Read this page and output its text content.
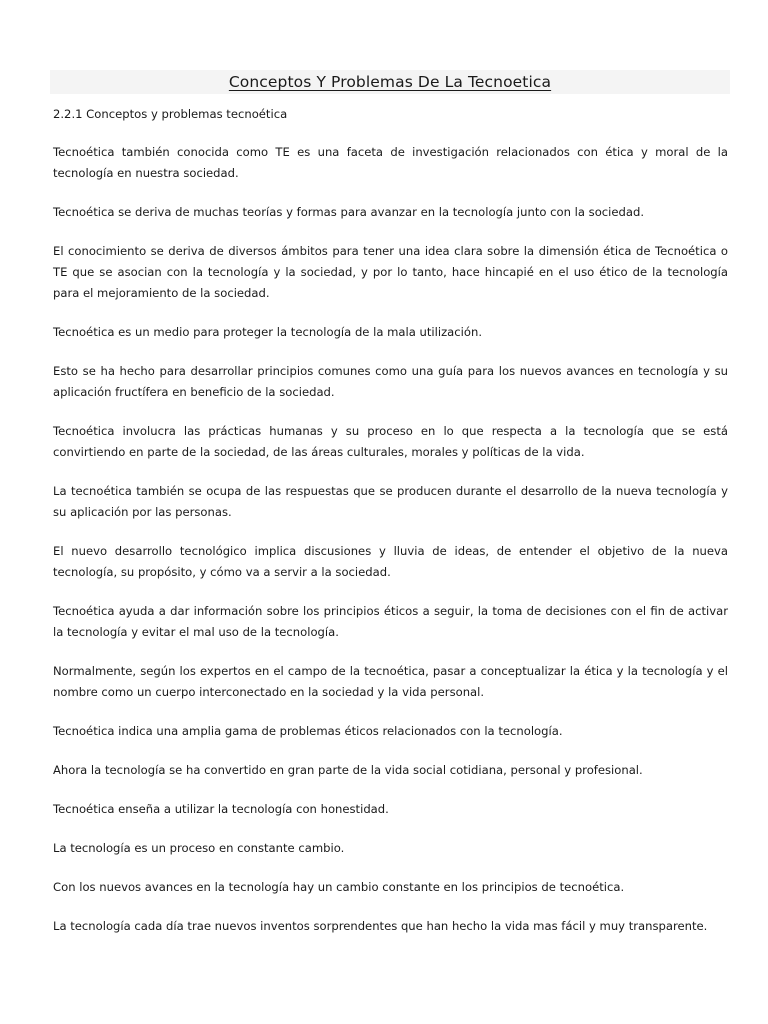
Conceptos Y Problemas De La Tecnoetica

2.2.1 Conceptos y problemas tecnoética

Tecnoética también conocida como TE es una faceta de investigación relacionados con ética y moral de la tecnología en nuestra sociedad.

Tecnoética se deriva de muchas teorías y formas para avanzar en la tecnología junto con la sociedad.

El conocimiento se deriva de diversos ámbitos para tener una idea clara sobre la dimensión ética de Tecnoética o TE que se asocian con la tecnología y la sociedad, y por lo tanto, hace hincapié en el uso ético de la tecnología para el mejoramiento de la sociedad.

Tecnoética es un medio para proteger la tecnología de la mala utilización.

Esto se ha hecho para desarrollar principios comunes como una guía para los nuevos avances en tecnología y su aplicación fructífera en beneficio de la sociedad.

Tecnoética involucra las prácticas humanas y su proceso en lo que respecta a la tecnología que se está convirtiendo en parte de la sociedad, de las áreas culturales, morales y políticas de la vida.

La tecnoética también se ocupa de las respuestas que se producen durante el desarrollo de la nueva tecnología y su aplicación por las personas.

El nuevo desarrollo tecnológico implica discusiones y lluvia de ideas, de entender el objetivo de la nueva tecnología, su propósito, y cómo va a servir a la sociedad.

Tecnoética ayuda a dar información sobre los principios éticos a seguir, la toma de decisiones con el fin de activar la tecnología y evitar el mal uso de la tecnología.

Normalmente, según los expertos en el campo de la tecnoética, pasar a conceptualizar la ética y la tecnología y el nombre como un cuerpo interconectado en la sociedad y la vida personal.

Tecnoética indica una amplia gama de problemas éticos relacionados con la tecnología.

Ahora la tecnología se ha convertido en gran parte de la vida social cotidiana, personal y profesional.

Tecnoética enseña a utilizar la tecnología con honestidad.

La tecnología es un proceso en constante cambio.

Con los nuevos avances en la tecnología hay un cambio constante en los principios de tecnoética.

La tecnología cada día trae nuevos inventos sorprendentes que han hecho la vida mas fácil y muy transparente.
